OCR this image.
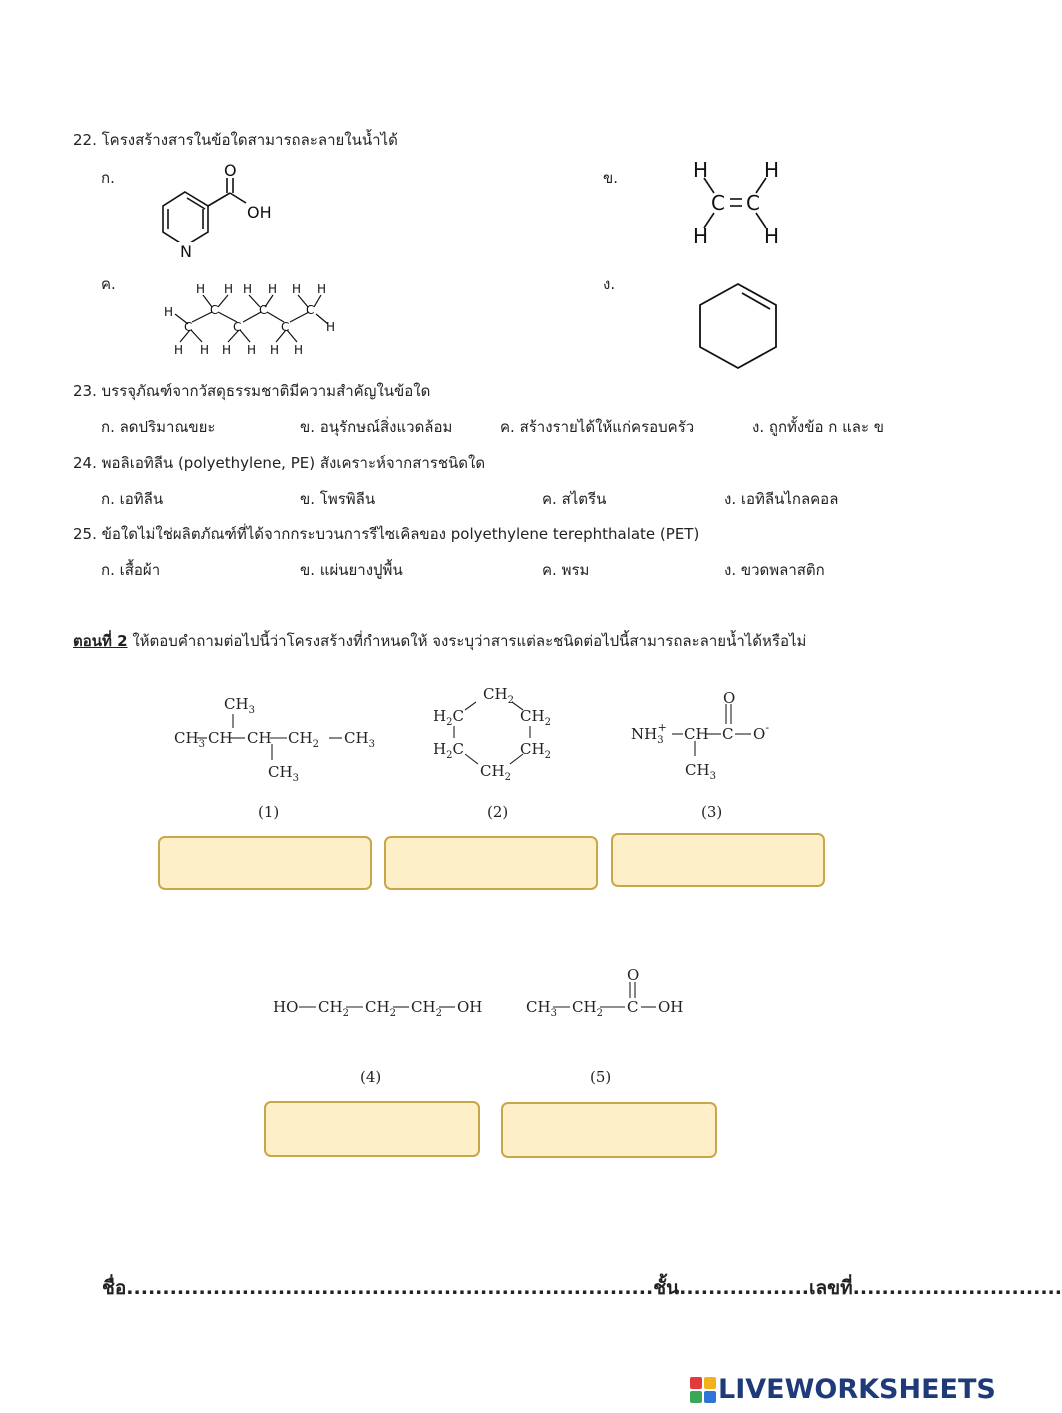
22. โครงสร้างสารในข้อใดสามารถละลายในน้ำได้
ก.
N
O
OH
ข.	H	H
C C
H	H
ค.
H
C
C
C
C
C
C
H
H H H H H H
H H H H H H
ง.
23. บรรจุภัณฑ์จากวัสดุธรรมชาติมีความสำคัญในข้อใด
ก. ลดปริมาณขยะ	ข. อนุรักษณ์สิ่งแวดล้อม	ค. สร้างรายได้ให้แก่ครอบครัว	ง. ถูกทั้งข้อ ก และ ข
24. พอลิเอทิลีน (polyethylene, PE) สังเคราะห์จากสารชนิดใด
ก. เอทิลีน	ข. โพรพิลีน	ค. สไตรีน	ง. เอทิลีนไกลคอล
25. ข้อใดไม่ใช่ผลิตภัณฑ์ที่ได้จากกระบวนการรีไซเคิลของ polyethylene terephthalate (PET)
ก. เสื้อผ้า	ข. แผ่นยางปูพื้น	ค. พรม	ง. ขวดพลาสติก
ตอนที่ 2 ให้ตอบคำถามต่อไปนี้ว่าโครงสร้างที่กำหนดให้ จงระบุว่าสารแต่ละชนิดต่อไปนี้สามารถละลายน้ำได้หรือไม่
$CH_3$
$CH_3$ CH CH $CH_2$ $CH_3$
$CH_3$
(1)
$CH_2$
$H_2C$	$CH_2$
$H_2C$	$CH_2$
$CH_2$
(2)
O
$NH_3+$ CH C O-
$CH_3$
(3)
HO $CH_2$ $CH_2$ $CH_2$ OH
(4)
O
$CH_3$ $CH_2$ C OH
(5)
ชื่อ.........................................................................ชั้น..................เลขที่.............................
LIVEWORKSHEETS
